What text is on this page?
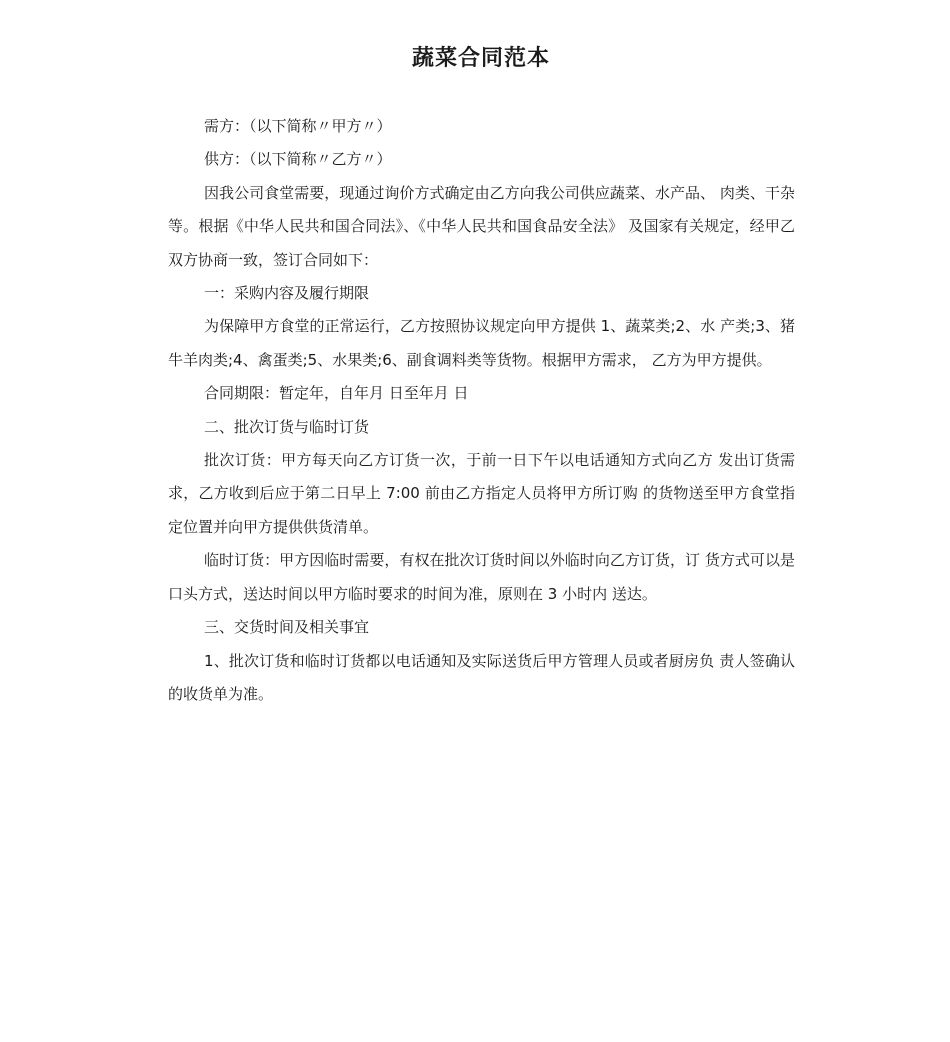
蔬菜合同范本

需方：（以下简称〃甲方〃）

供方：（以下简称〃乙方〃）

因我公司食堂需要，现通过询价方式确定由乙方向我公司供应蔬菜、水产品、 肉类、干杂等。根据《中华人民共和国合同法》、《中华人民共和国食品安全法》 及国家有关规定，经甲乙双方协商一致，签订合同如下：

一：采购内容及履行期限

为保障甲方食堂的正常运行，乙方按照协议规定向甲方提供 1、蔬菜类;2、水 产类;3、猪牛羊肉类;4、禽蛋类;5、水果类;6、副食调料类等货物。根据甲方需求， 乙方为甲方提供。

合同期限：暂定年，自年月 日至年月 日

二、批次订货与临时订货

批次订货：甲方每天向乙方订货一次，于前一日下午以电话通知方式向乙方 发出订货需求，乙方收到后应于第二日早上 7:00 前由乙方指定人员将甲方所订购 的货物送至甲方食堂指定位置并向甲方提供供货清单。

临时订货：甲方因临时需要，有权在批次订货时间以外临时向乙方订货，订 货方式可以是口头方式，送达时间以甲方临时要求的时间为准，原则在 3 小时内 送达。

三、交货时间及相关事宜

1、批次订货和临时订货都以电话通知及实际送货后甲方管理人员或者厨房负 责人签确认的收货单为准。
